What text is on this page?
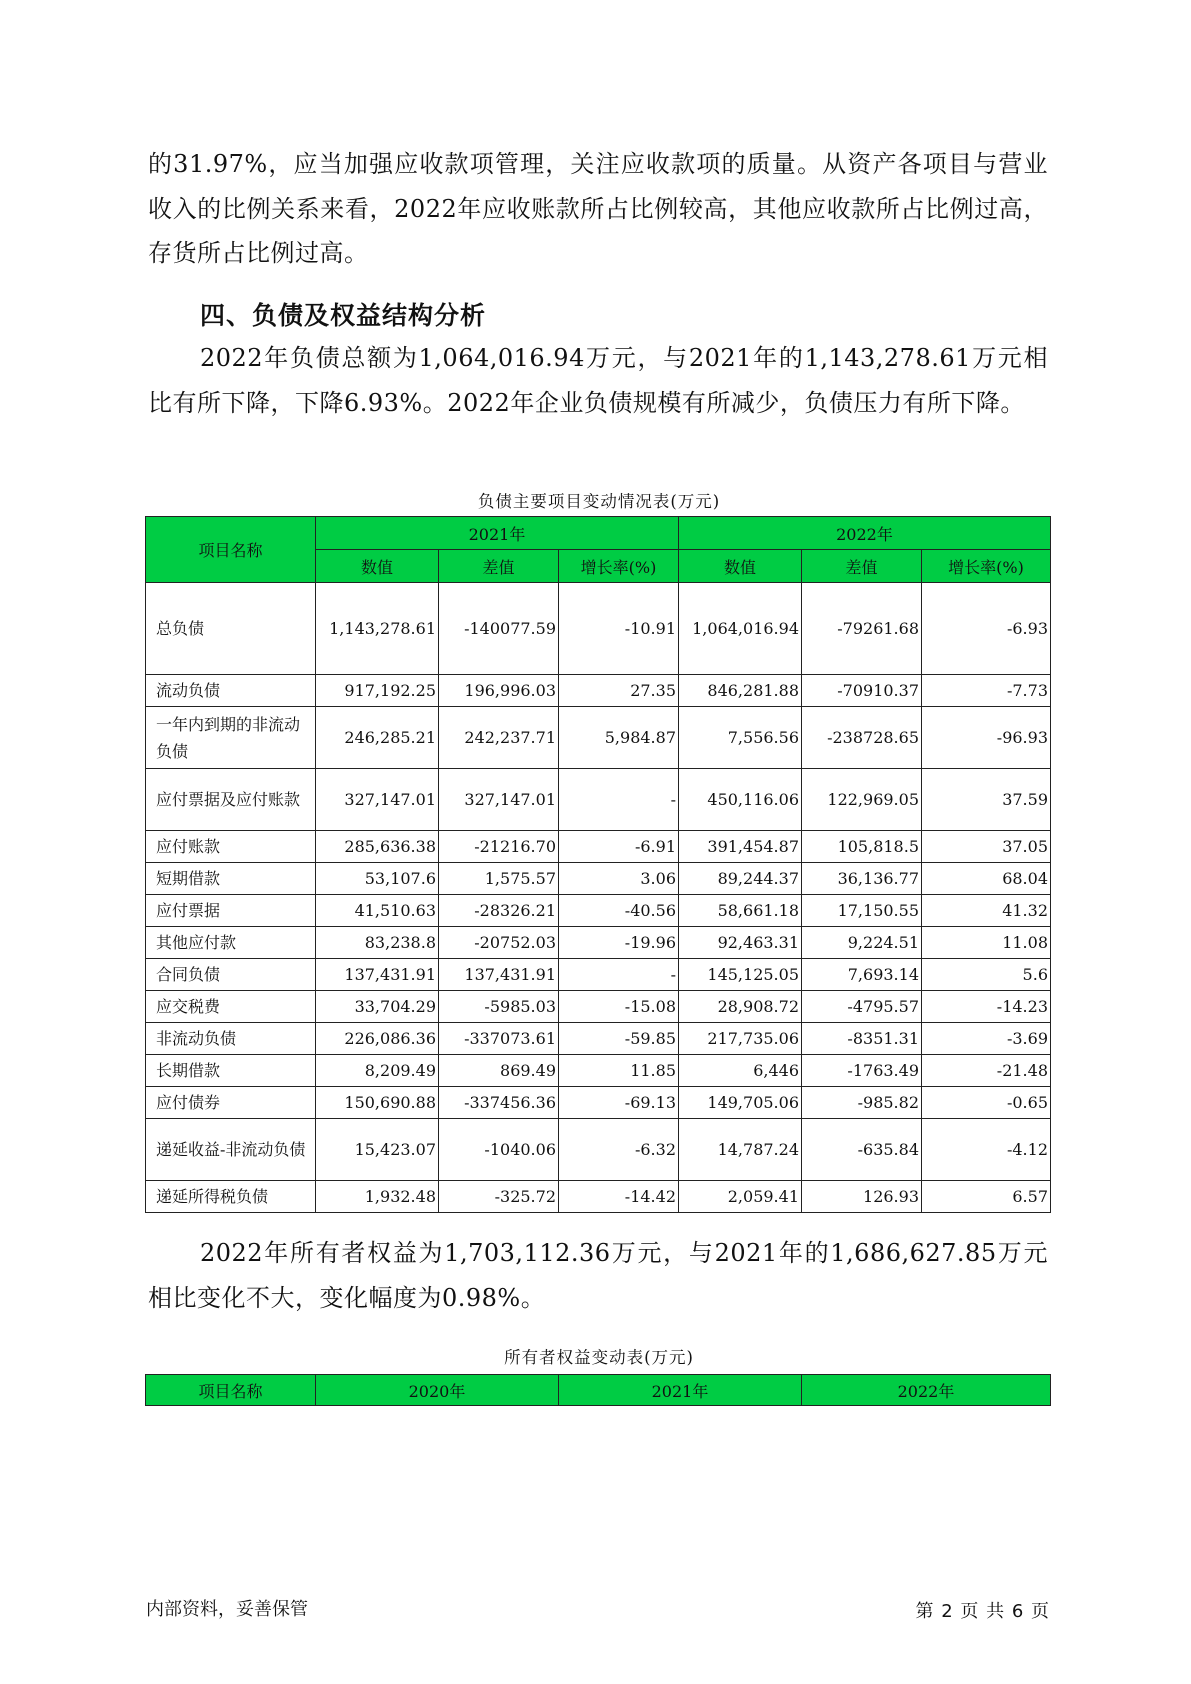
的31.97%，应当加强应收款项管理，关注应收款项的质量。从资产各项目与营业收入的比例关系来看，2022年应收账款所占比例较高，其他应收款所占比例过高，存货所占比例过高。

四、负债及权益结构分析

2022年负债总额为1,064,016.94万元，与2021年的1,143,278.61万元相比有所下降，下降6.93%。2022年企业负债规模有所减少，负债压力有所下降。

负债主要项目变动情况表(万元)
项目名称	2021年			2022年		
	数值	差值	增长率(%)	数值	差值	增长率(%)
总负债	1,143,278.61	-140077.59	-10.91	1,064,016.94	-79261.68	-6.93
流动负债	917,192.25	196,996.03	27.35	846,281.88	-70910.37	-7.73
一年内到期的非流动负债	246,285.21	242,237.71	5,984.87	7,556.56	-238728.65	-96.93
应付票据及应付账款	327,147.01	327,147.01	-	450,116.06	122,969.05	37.59
应付账款	285,636.38	-21216.70	-6.91	391,454.87	105,818.5	37.05
短期借款	53,107.6	1,575.57	3.06	89,244.37	36,136.77	68.04
应付票据	41,510.63	-28326.21	-40.56	58,661.18	17,150.55	41.32
其他应付款	83,238.8	-20752.03	-19.96	92,463.31	9,224.51	11.08
合同负债	137,431.91	137,431.91	-	145,125.05	7,693.14	5.6
应交税费	33,704.29	-5985.03	-15.08	28,908.72	-4795.57	-14.23
非流动负债	226,086.36	-337073.61	-59.85	217,735.06	-8351.31	-3.69
长期借款	8,209.49	869.49	11.85	6,446	-1763.49	-21.48
应付债券	150,690.88	-337456.36	-69.13	149,705.06	-985.82	-0.65
递延收益-非流动负债	15,423.07	-1040.06	-6.32	14,787.24	-635.84	-4.12
递延所得税负债	1,932.48	-325.72	-14.42	2,059.41	126.93	6.57

2022年所有者权益为1,703,112.36万元，与2021年的1,686,627.85万元相比变化不大，变化幅度为0.98%。

所有者权益变动表(万元)
项目名称	2020年	2021年	2022年
内部资料，妥善保管	第 2 页 共 6 页
